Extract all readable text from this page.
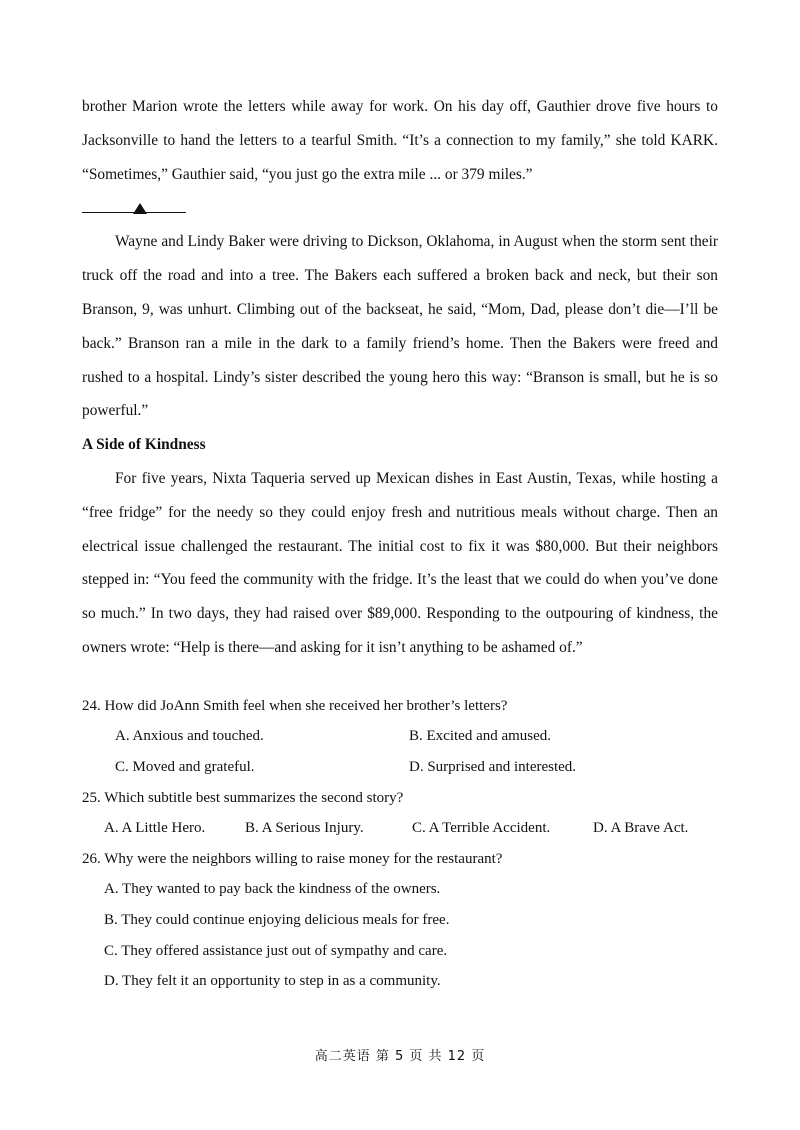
brother Marion wrote the letters while away for work. On his day off, Gauthier drove five hours to Jacksonville to hand the letters to a tearful Smith. “It’s a connection to my family,” she told KARK. “Sometimes,” Gauthier said, “you just go the extra mile ... or 379 miles.”

Wayne and Lindy Baker were driving to Dickson, Oklahoma, in August when the storm sent their truck off the road and into a tree. The Bakers each suffered a broken back and neck, but their son Branson, 9, was unhurt. Climbing out of the backseat, he said, “Mom, Dad, please don’t die—I’ll be back.” Branson ran a mile in the dark to a family friend’s home. Then the Bakers were freed and rushed to a hospital. Lindy’s sister described the young hero this way: “Branson is small, but he is so powerful.”

A Side of Kindness

For five years, Nixta Taqueria served up Mexican dishes in East Austin, Texas, while hosting a “free fridge” for the needy so they could enjoy fresh and nutritious meals without charge. Then an electrical issue challenged the restaurant. The initial cost to fix it was $80,000. But their neighbors stepped in: “You feed the community with the fridge. It’s the least that we could do when you’ve done so much.” In two days, they had raised over $89,000. Responding to the outpouring of kindness, the owners wrote: “Help is there—and asking for it isn’t anything to be ashamed of.”

24. How did JoAnn Smith feel when she received her brother’s letters?

A. Anxious and touched.	B. Excited and amused.
C. Moved and grateful.	D. Surprised and interested.

25. Which subtitle best summarizes the second story?

A. A Little Hero.	B. A Serious Injury.	C. A Terrible Accident.	D. A Brave Act.

26. Why were the neighbors willing to raise money for the restaurant?

A. They wanted to pay back the kindness of the owners.

B. They could continue enjoying delicious meals for free.

C. They offered assistance just out of sympathy and care.

D. They felt it an opportunity to step in as a community.

高二英语 第 5 页 共 12 页
